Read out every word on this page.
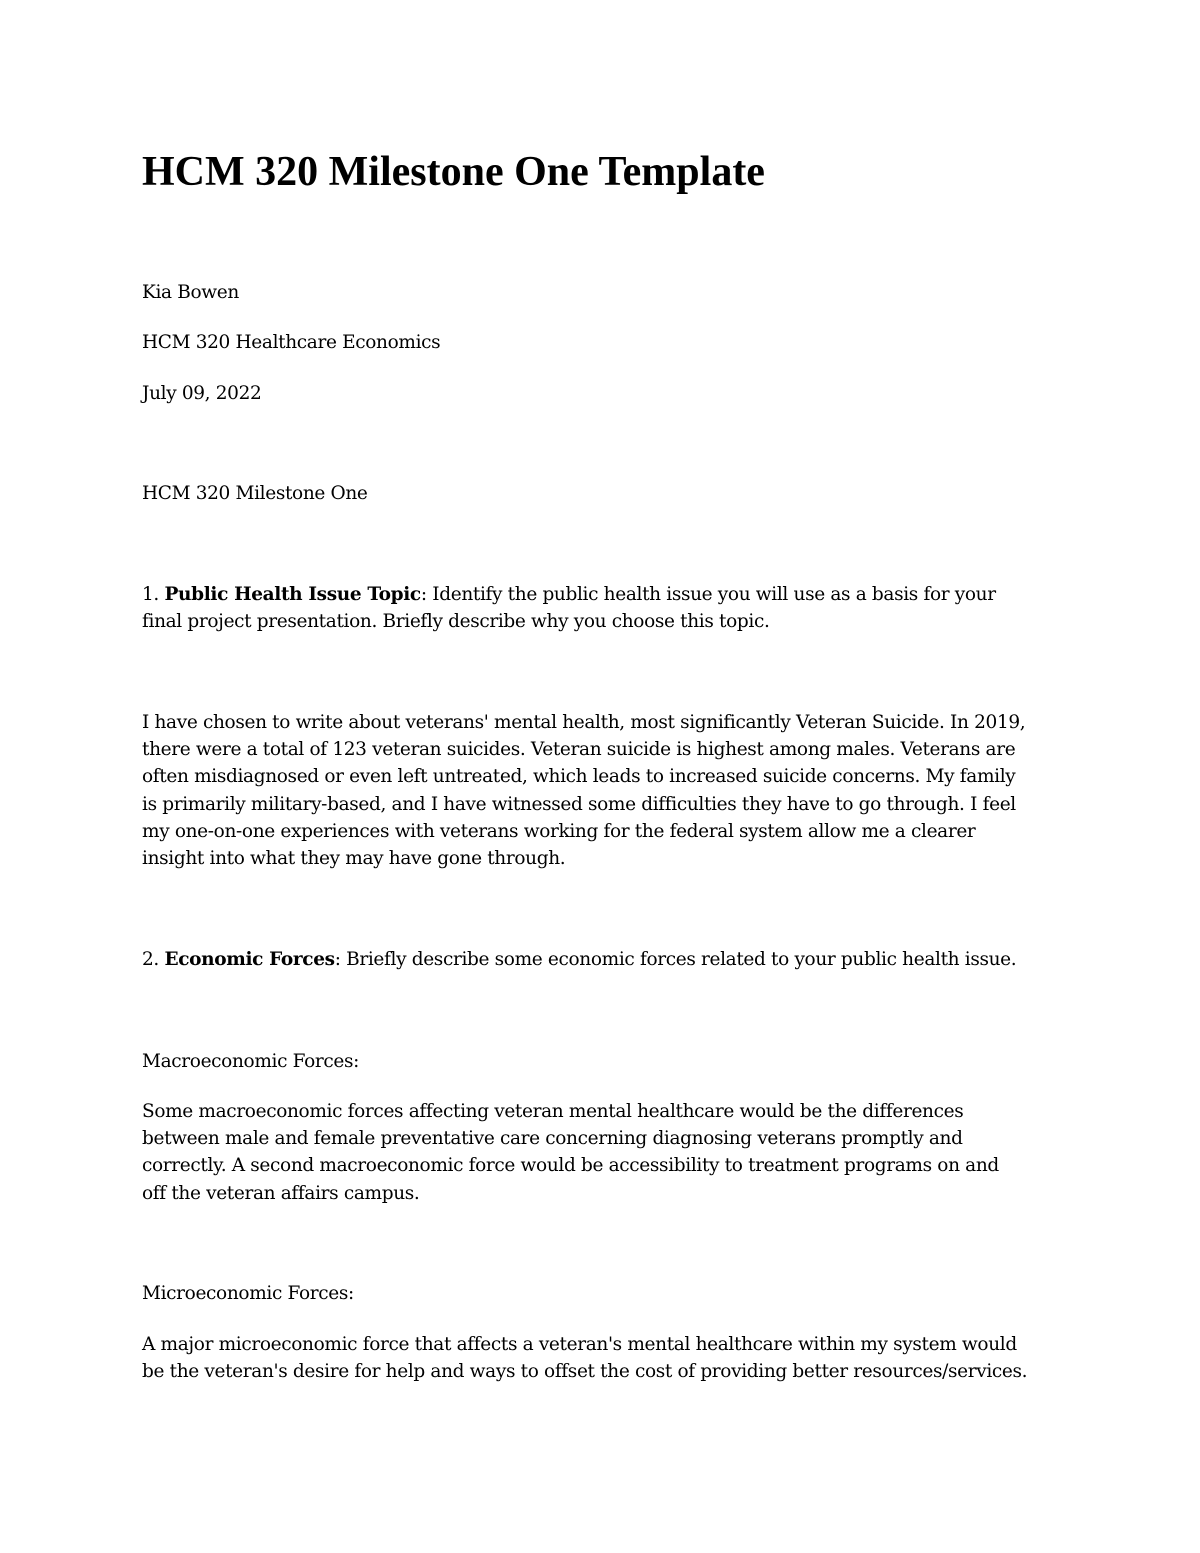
HCM 320 Milestone One Template

Kia Bowen

HCM 320 Healthcare Economics

July 09, 2022

HCM 320 Milestone One

1. Public Health Issue Topic: Identify the public health issue you will use as a basis for your
final project presentation. Briefly describe why you choose this topic.
I have chosen to write about veterans' mental health, most significantly Veteran Suicide. In 2019,
there were a total of 123 veteran suicides. Veteran suicide is highest among males. Veterans are
often misdiagnosed or even left untreated, which leads to increased suicide concerns. My family
is primarily military-based, and I have witnessed some difficulties they have to go through. I feel
my one-on-one experiences with veterans working for the federal system allow me a clearer
insight into what they may have gone through.
2. Economic Forces: Briefly describe some economic forces related to your public health issue.

Macroeconomic Forces:

Some macroeconomic forces affecting veteran mental healthcare would be the differences
between male and female preventative care concerning diagnosing veterans promptly and
correctly. A second macroeconomic force would be accessibility to treatment programs on and
off the veteran affairs campus.

Microeconomic Forces:

A major microeconomic force that affects a veteran's mental healthcare within my system would
be the veteran's desire for help and ways to offset the cost of providing better resources/services.
